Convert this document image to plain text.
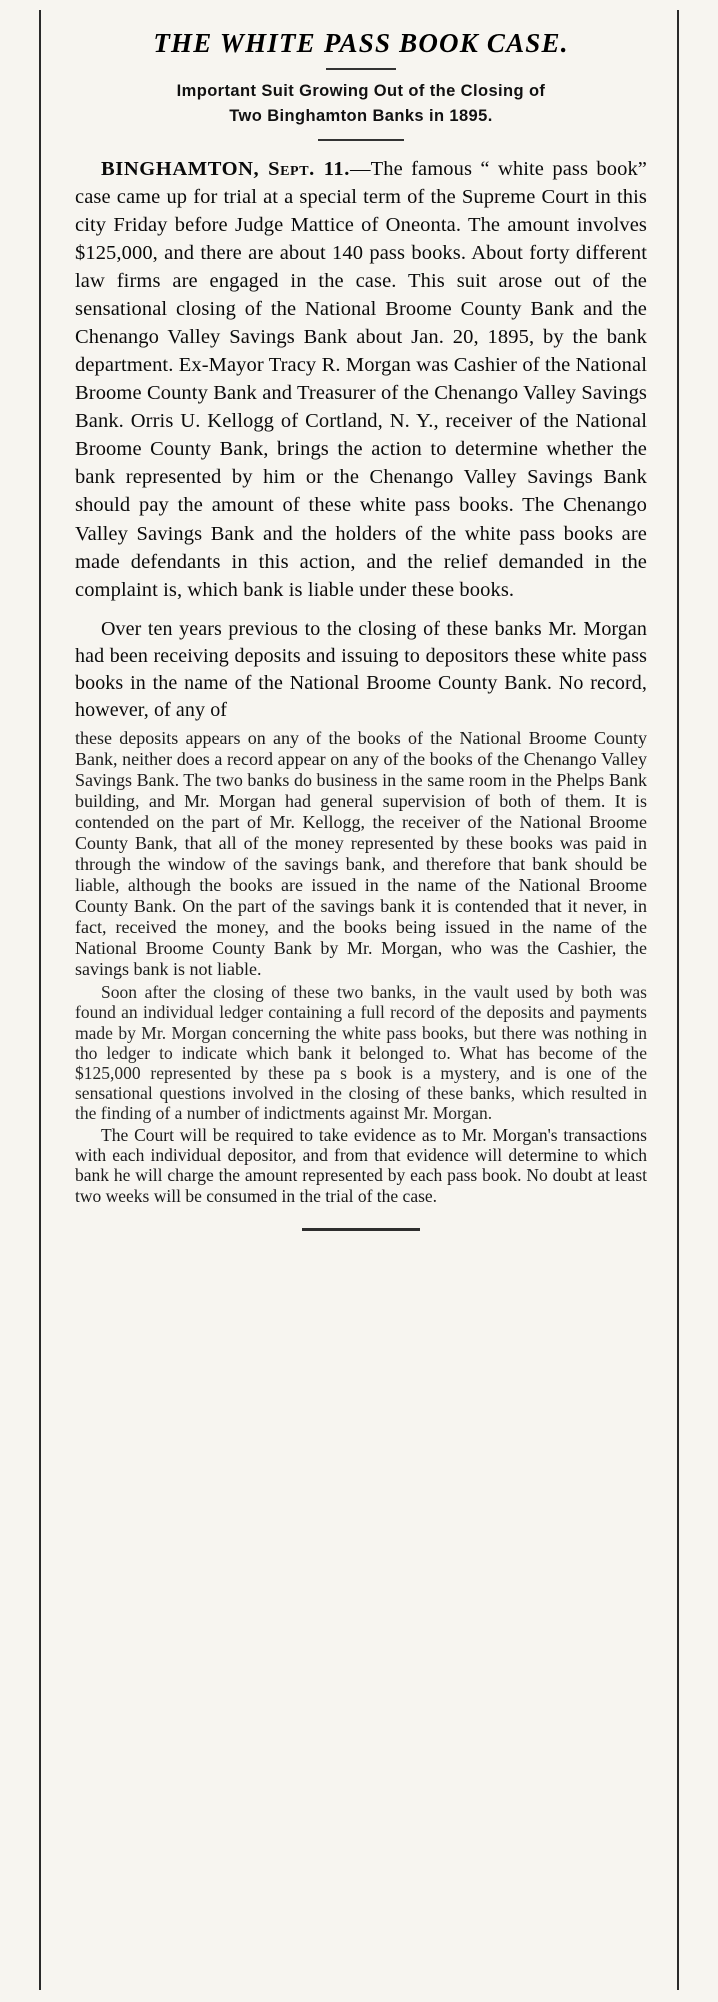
THE WHITE PASS BOOK CASE.
Important Suit Growing Out of the Closing of
Two Binghamton Banks in 1895.

BINGHAMTON, Sept. 11.—The famous “ white pass book” case came up for trial at a special term of the Supreme Court in this city Friday before Judge Mattice of Oneonta. The amount involves $125,000, and there are about 140 pass books. About forty different law firms are engaged in the case. This suit arose out of the sensational closing of the National Broome County Bank and the Chenango Valley Savings Bank about Jan. 20, 1895, by the bank department. Ex-Mayor Tracy R. Morgan was Cashier of the National Broome County Bank and Treasurer of the Chenango Valley Savings Bank. Orris U. Kellogg of Cortland, N. Y., receiver of the National Broome County Bank, brings the action to determine whether the bank represented by him or the Chenango Valley Savings Bank should pay the amount of these white pass books. The Chenango Valley Savings Bank and the holders of the white pass books are made defendants in this action, and the relief demanded in the complaint is, which bank is liable under these books.

Over ten years previous to the closing of these banks Mr. Morgan had been receiving deposits and issuing to depositors these white pass books in the name of the National Broome County Bank. No record, however, of any of

these deposits appears on any of the books of the National Broome County Bank, neither does a record appear on any of the books of the Chenango Valley Savings Bank. The two banks do business in the same room in the Phelps Bank building, and Mr. Morgan had general supervision of both of them. It is contended on the part of Mr. Kellogg, the receiver of the National Broome County Bank, that all of the money represented by these books was paid in through the window of the savings bank, and therefore that bank should be liable, although the books are issued in the name of the National Broome County Bank. On the part of the savings bank it is contended that it never, in fact, received the money, and the books being issued in the name of the National Broome County Bank by Mr. Morgan, who was the Cashier, the savings bank is not liable.

Soon after the closing of these two banks, in the vault used by both was found an individual ledger containing a full record of the deposits and payments made by Mr. Morgan concerning the white pass books, but there was nothing in tho ledger to indicate which bank it belonged to. What has become of the $125,000 represented by these pa s book is a mystery, and is one of the sensational questions involved in the closing of these banks, which resulted in the finding of a number of indictments against Mr. Morgan.

The Court will be required to take evidence as to Mr. Morgan's transactions with each individual depositor, and from that evidence will determine to which bank he will charge the amount represented by each pass book. No doubt at least two weeks will be consumed in the trial of the case.
